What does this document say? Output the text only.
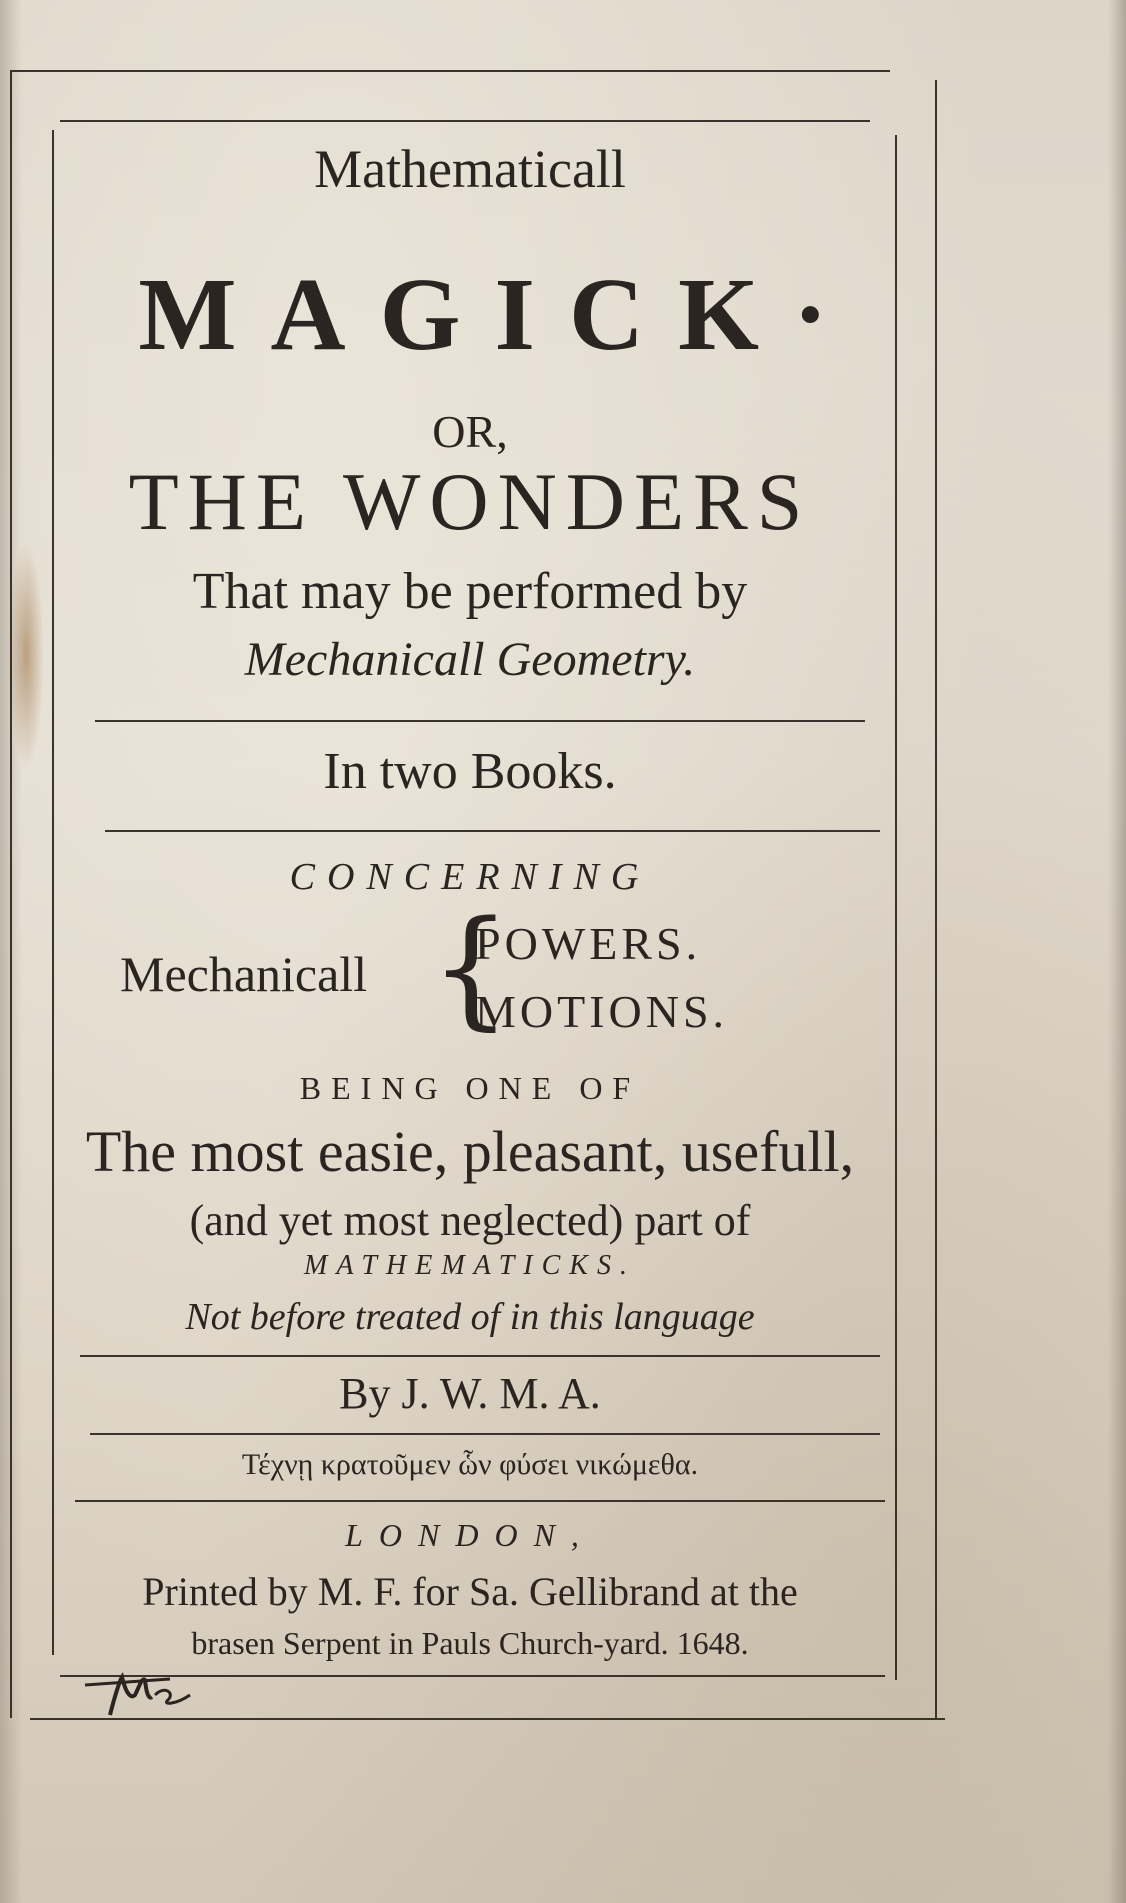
Mathematicall
MAGICK·
OR,
THE WONDERS
That may be performed by
Mechanicall Geometry.
In two Books.
CONCERNING
Mechanicall {
POWERS.
MOTIONS.
BEING ONE OF
The most easie, pleasant, usefull,
(and yet most neglected) part of
MATHEMATICKS.
Not before treated of in this language
By J. W. M. A.
Τέχνῃ κρατοῦμεν ὧν φύσει νικώμεθα.
LONDON,
Printed by M. F. for Sa. Gellibrand at the
brasen Serpent in Pauls Church-yard. 1648.
